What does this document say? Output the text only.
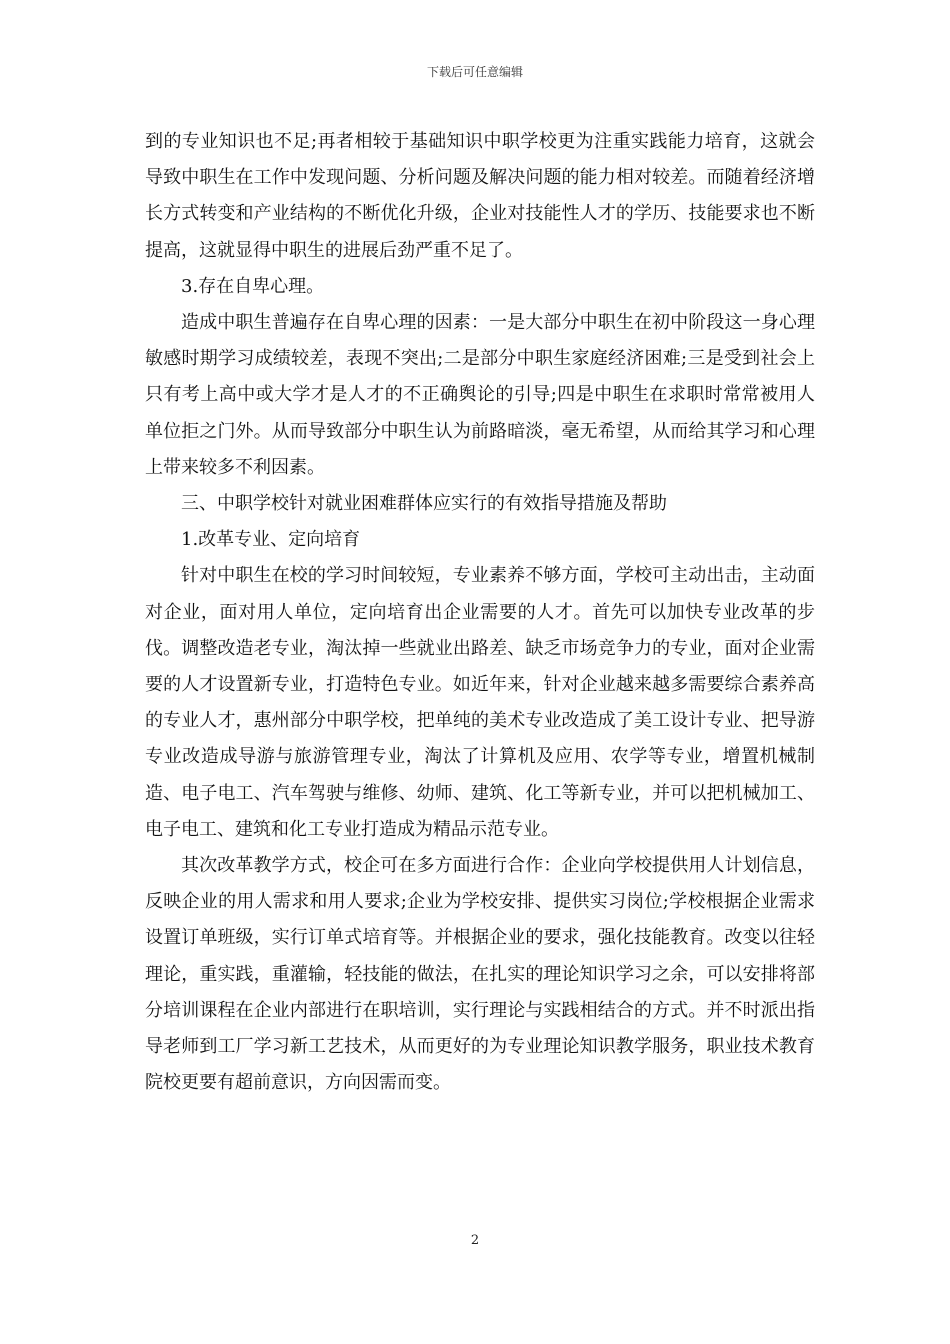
下载后可任意编辑

到的专业知识也不足;再者相较于基础知识中职学校更为注重实践能力培育，这就会导致中职生在工作中发现问题、分析问题及解决问题的能力相对较差。而随着经济增长方式转变和产业结构的不断优化升级，企业对技能性人才的学历、技能要求也不断提高，这就显得中职生的进展后劲严重不足了。

3.存在自卑心理。

造成中职生普遍存在自卑心理的因素：一是大部分中职生在初中阶段这一身心理敏感时期学习成绩较差，表现不突出;二是部分中职生家庭经济困难;三是受到社会上只有考上高中或大学才是人才的不正确舆论的引导;四是中职生在求职时常常被用人单位拒之门外。从而导致部分中职生认为前路暗淡，毫无希望，从而给其学习和心理上带来较多不利因素。

三、中职学校针对就业困难群体应实行的有效指导措施及帮助

1.改革专业、定向培育

针对中职生在校的学习时间较短，专业素养不够方面，学校可主动出击，主动面对企业，面对用人单位，定向培育出企业需要的人才。首先可以加快专业改革的步伐。调整改造老专业，淘汰掉一些就业出路差、缺乏市场竞争力的专业，面对企业需要的人才设置新专业，打造特色专业。如近年来，针对企业越来越多需要综合素养高的专业人才，惠州部分中职学校，把单纯的美术专业改造成了美工设计专业、把导游专业改造成导游与旅游管理专业，淘汰了计算机及应用、农学等专业，增置机械制造、电子电工、汽车驾驶与维修、幼师、建筑、化工等新专业，并可以把机械加工、电子电工、建筑和化工专业打造成为精品示范专业。

其次改革教学方式，校企可在多方面进行合作：企业向学校提供用人计划信息，反映企业的用人需求和用人要求;企业为学校安排、提供实习岗位;学校根据企业需求设置订单班级，实行订单式培育等。并根据企业的要求，强化技能教育。改变以往轻理论，重实践，重灌输，轻技能的做法，在扎实的理论知识学习之余，可以安排将部分培训课程在企业内部进行在职培训，实行理论与实践相结合的方式。并不时派出指导老师到工厂学习新工艺技术，从而更好的为专业理论知识教学服务，职业技术教育院校更要有超前意识，方向因需而变。

2
